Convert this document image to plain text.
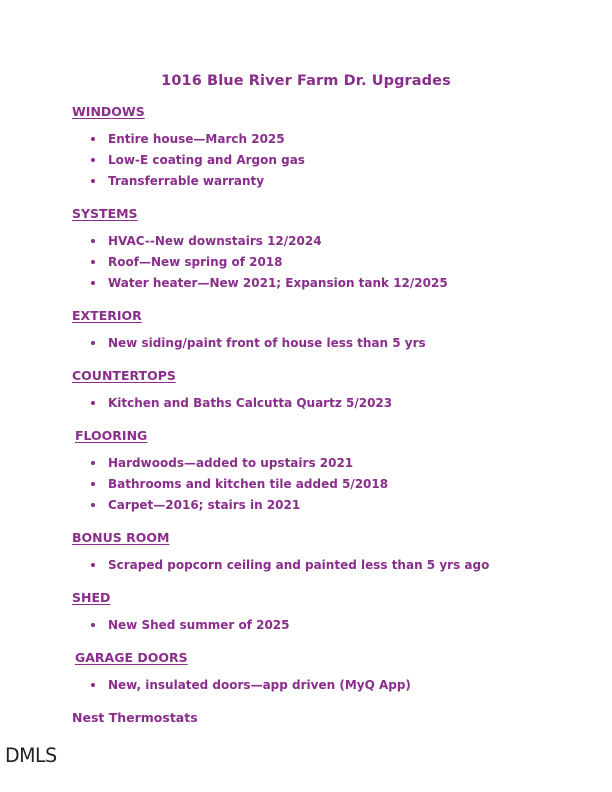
1016 Blue River Farm Dr. Upgrades
WINDOWS
Entire house—March 2025
Low-E coating and Argon gas
Transferrable warranty
SYSTEMS
HVAC--New downstairs 12/2024
Roof—New spring of 2018
Water heater—New 2021; Expansion tank 12/2025
EXTERIOR
New siding/paint front of house less than 5 yrs
COUNTERTOPS
Kitchen and Baths Calcutta Quartz 5/2023
FLOORING
Hardwoods—added to upstairs 2021
Bathrooms and kitchen tile added 5/2018
Carpet—2016; stairs in 2021
BONUS ROOM
Scraped popcorn ceiling and painted less than 5 yrs ago
SHED
New Shed summer of 2025
GARAGE DOORS
New, insulated doors—app driven (MyQ App)
Nest Thermostats
DMLS
